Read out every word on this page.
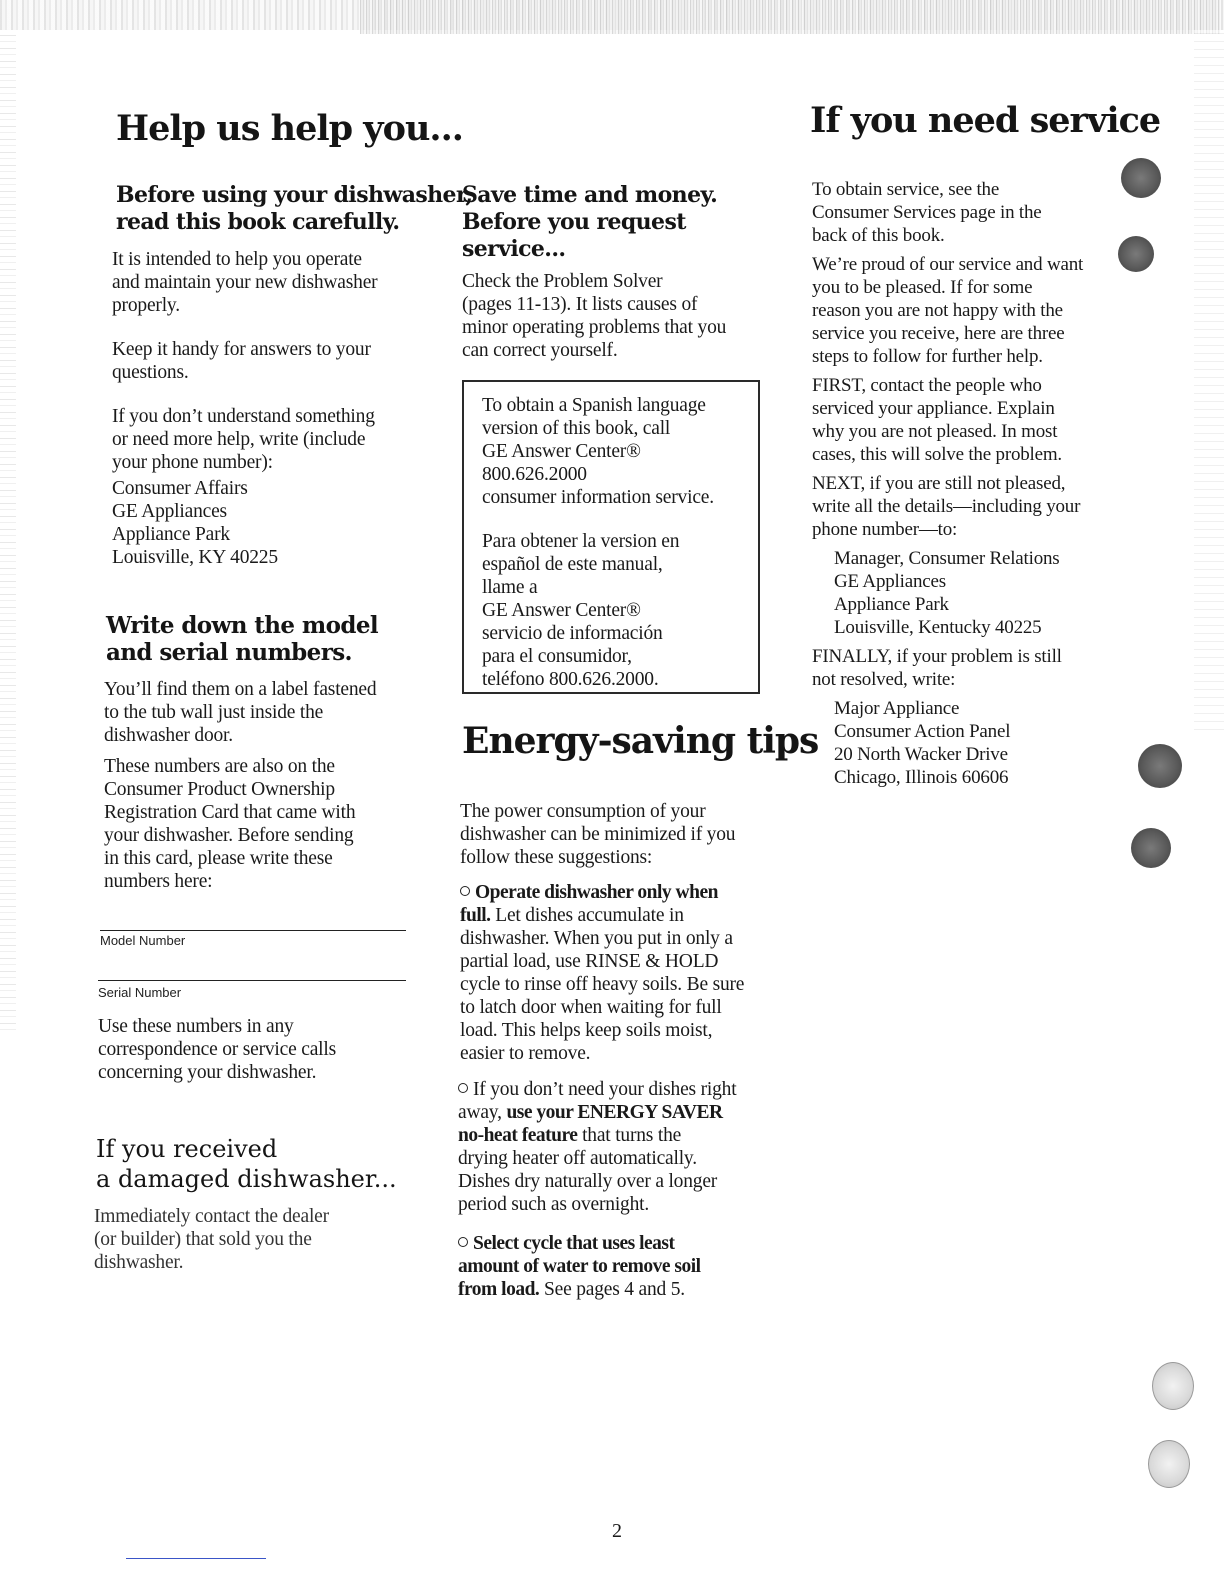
Help us help you...	If you need service
Energy-saving tips
Before using your dishwasher,
read this book carefully.
It is intended to help you operate
and maintain your new dishwasher
properly.
Keep it handy for answers to your
questions.
If you don’t understand something
or need more help, write (include
your phone number):
Consumer Affairs
GE Appliances
Appliance Park
Louisville, KY 40225
Write down the model
and serial numbers.
You’ll find them on a label fastened
to the tub wall just inside the
dishwasher door.
These numbers are also on the
Consumer Product Ownership
Registration Card that came with
your dishwasher. Before sending
in this card, please write these
numbers here:
Model Number
Serial Number
Use these numbers in any
correspondence or service calls
concerning your dishwasher.
If you received
a damaged dishwasher...
Immediately contact the dealer
(or builder) that sold you the
dishwasher.
Save time and money.
Before you request
service...
Check the Problem Solver
(pages 11-13). It lists causes of
minor operating problems that you
can correct yourself.
To obtain a Spanish language
version of this book, call
GE Answer Center®
800.626.2000
consumer information service.
Para obtener la version en
español de este manual,
llame a
GE Answer Center®
servicio de información
para el consumidor,
teléfono 800.626.2000.
The power consumption of your
dishwasher can be minimized if you
follow these suggestions:
Operate dishwasher only when
full. Let dishes accumulate in
dishwasher. When you put in only a
partial load, use RINSE & HOLD
cycle to rinse off heavy soils. Be sure
to latch door when waiting for full
load. This helps keep soils moist,
easier to remove.
If you don’t need your dishes right
away, use your ENERGY SAVER
no-heat feature that turns the
drying heater off automatically.
Dishes dry naturally over a longer
period such as overnight.
Select cycle that uses least
amount of water to remove soil
from load. See pages 4 and 5.
To obtain service, see the
Consumer Services page in the
back of this book.
We’re proud of our service and want
you to be pleased. If for some
reason you are not happy with the
service you receive, here are three
steps to follow for further help.
FIRST, contact the people who
serviced your appliance. Explain
why you are not pleased. In most
cases, this will solve the problem.
NEXT, if you are still not pleased,
write all the details—including your
phone number—to:
Manager, Consumer Relations
GE Appliances
Appliance Park
Louisville, Kentucky 40225
FINALLY, if your problem is still
not resolved, write:
Major Appliance
Consumer Action Panel
20 North Wacker Drive
Chicago, Illinois 60606
2
